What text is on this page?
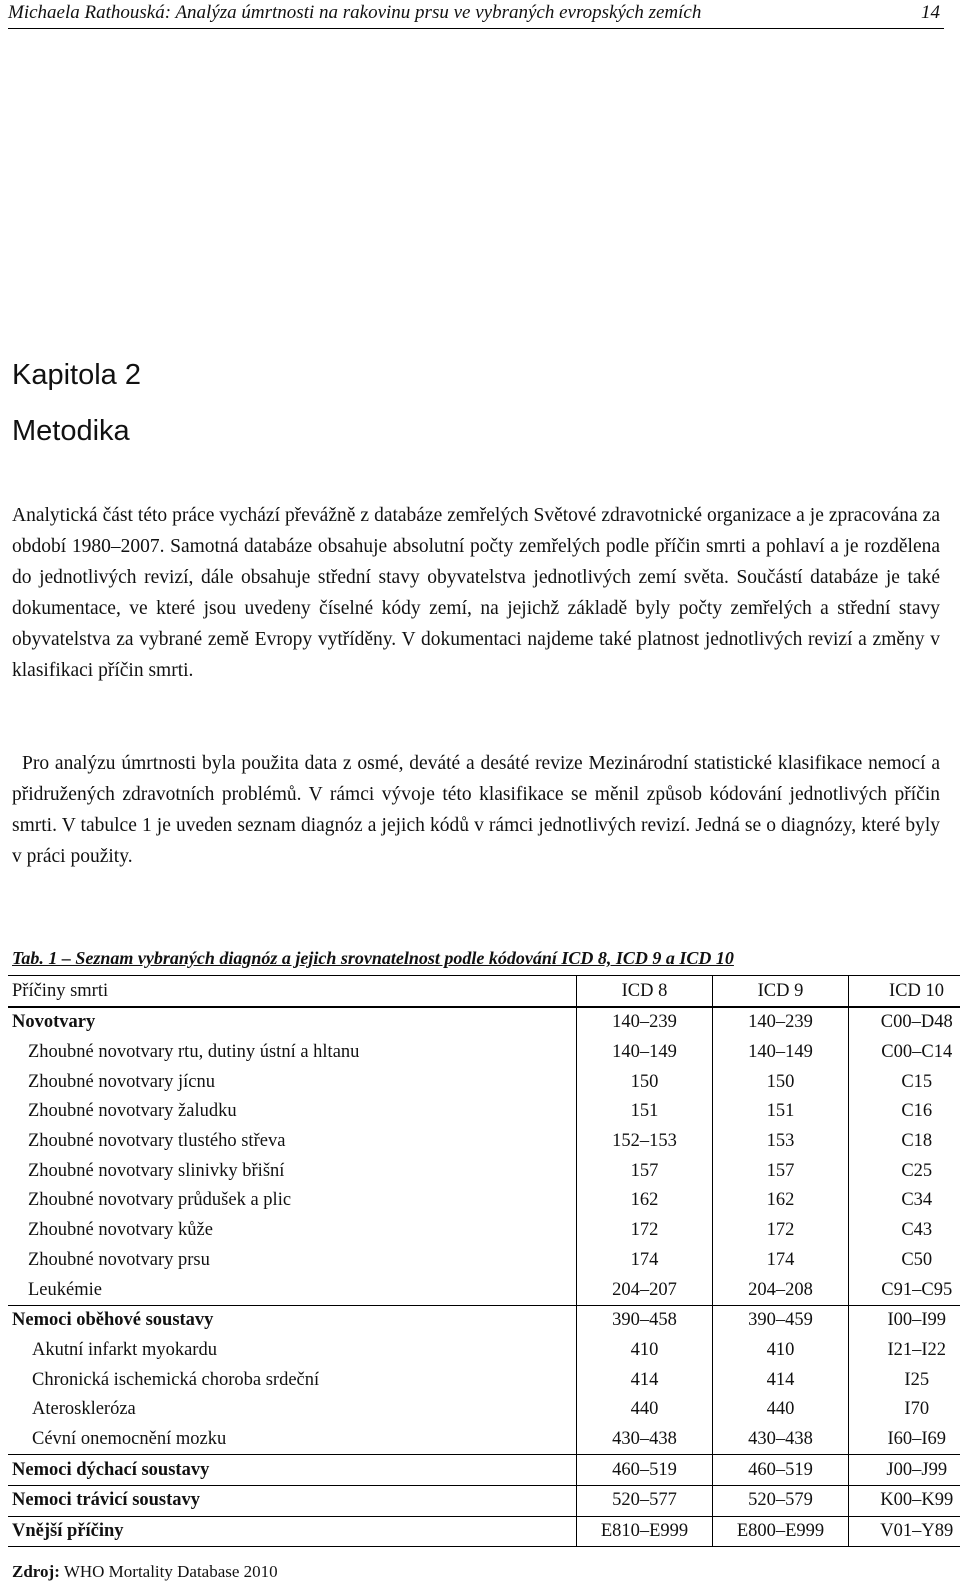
Michaela Rathouská: Analýza úmrtnosti na rakovinu prsu ve vybraných evropských zemích	14
Kapitola 2
Metodika

Analytická část této práce vychází převážně z databáze zemřelých Světové zdravotnické organizace a je zpracována za období 1980–2007. Samotná databáze obsahuje absolutní počty zemřelých podle příčin smrti a pohlaví a je rozdělena do jednotlivých revizí, dále obsahuje střední stavy obyvatelstva jednotlivých zemí světa. Součástí databáze je také dokumentace, ve které jsou uvedeny číselné kódy zemí, na jejichž základě byly počty zemřelých a střední stavy obyvatelstva za vybrané země Evropy vytříděny. V dokumentaci najdeme také platnost jednotlivých revizí a změny v klasifikaci příčin smrti.

Pro analýzu úmrtnosti byla použita data z osmé, deváté a desáté revize Mezinárodní statistické klasifikace nemocí a přidružených zdravotních problémů. V rámci vývoje této klasifikace se měnil způsob kódování jednotlivých příčin smrti. V tabulce 1 je uveden seznam diagnóz a jejich kódů v rámci jednotlivých revizí. Jedná se o diagnózy, které byly v práci použity.

Tab. 1 – Seznam vybraných diagnóz a jejich srovnatelnost podle kódování ICD 8, ICD 9 a ICD 10
Příčiny smrti	ICD 8	ICD 9	ICD 10
Novotvary	140–239	140–239	C00–D48
Zhoubné novotvary rtu, dutiny ústní a hltanu	140–149	140–149	C00–C14
Zhoubné novotvary jícnu	150	150	C15
Zhoubné novotvary žaludku	151	151	C16
Zhoubné novotvary tlustého střeva	152–153	153	C18
Zhoubné novotvary slinivky břišní	157	157	C25
Zhoubné novotvary průdušek a plic	162	162	C34
Zhoubné novotvary kůže	172	172	C43
Zhoubné novotvary prsu	174	174	C50
Leukémie	204–207	204–208	C91–C95
Nemoci oběhové soustavy	390–458	390–459	I00–I99
Akutní infarkt myokardu	410	410	I21–I22
Chronická ischemická choroba srdeční	414	414	I25
Ateroskleróza	440	440	I70
Cévní onemocnění mozku	430–438	430–438	I60–I69
Nemoci dýchací soustavy	460–519	460–519	J00–J99
Nemoci trávicí soustavy	520–577	520–579	K00–K99
Vnější příčiny	E810–E999	E800–E999	V01–Y89
Zdroj: WHO Mortality Database 2010
